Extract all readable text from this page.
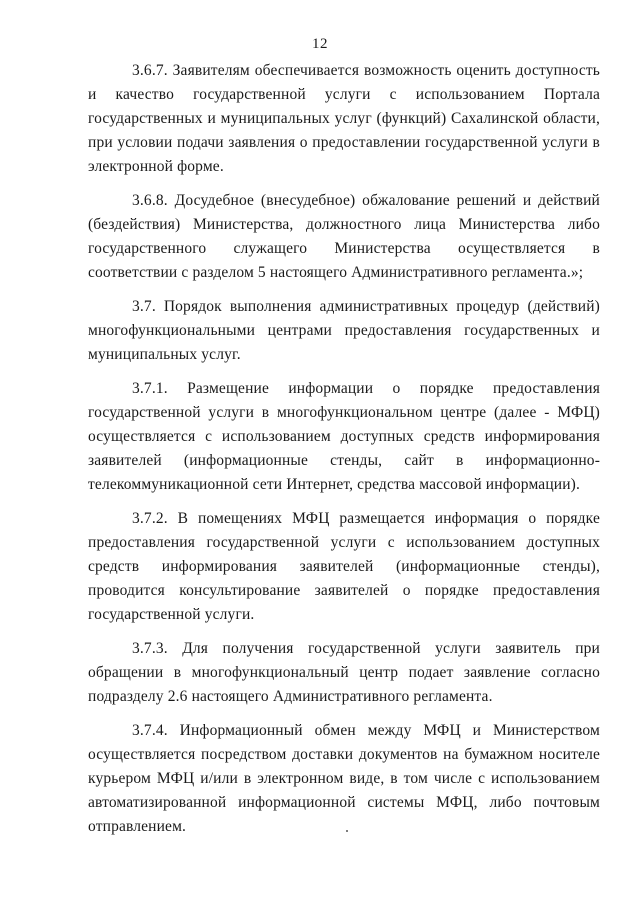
12

3.6.7. Заявителям обеспечивается возможность оценить доступность и качество государственной услуги с использованием Портала государственных и муниципальных услуг (функций) Сахалинской области, при условии подачи заявления о предоставлении государственной услуги в электронной форме.

3.6.8. Досудебное (внесудебное) обжалование решений и действий (бездействия) Министерства, должностного лица Министерства либо государственного служащего Министерства осуществляется в соответствии с разделом 5 настоящего Административного регламента.»;

3.7. Порядок выполнения административных процедур (действий) многофункциональными центрами предоставления государственных и муниципальных услуг.

3.7.1. Размещение информации о порядке предоставления государственной услуги в многофункциональном центре (далее - МФЦ) осуществляется с использованием доступных средств информирования заявителей (информационные стенды, сайт в информационно-телекоммуникационной сети Интернет, средства массовой информации).

3.7.2. В помещениях МФЦ размещается информация о порядке предоставления государственной услуги с использованием доступных средств информирования заявителей (информационные стенды), проводится консультирование заявителей о порядке предоставления государственной услуги.

3.7.3. Для получения государственной услуги заявитель при обращении в многофункциональный центр подает заявление согласно подразделу 2.6 настоящего Административного регламента.

3.7.4. Информационный обмен между МФЦ и Министерством осуществляется посредством доставки документов на бумажном носителе курьером МФЦ и/или в электронном виде, в том числе с использованием автоматизированной информационной системы МФЦ, либо почтовым отправлением.
